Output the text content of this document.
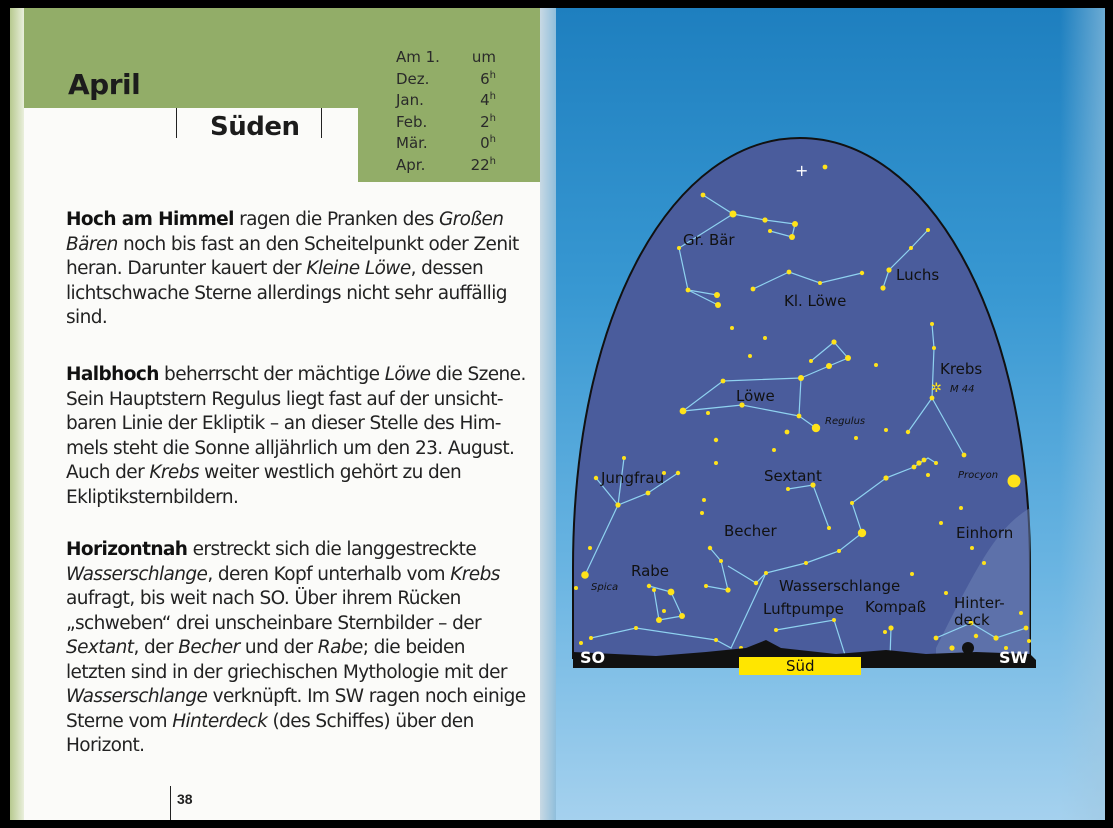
April
Süden
Am 1.	um
Dez.	6$^h$
Jan.	4$^h$
Feb.	2$^h$
Mär.	0$^h$
Apr.	22$^h$
Hoch am Himmel ragen die Pranken des Großen Bären noch bis fast an den Scheitelpunkt oder Zenit heran. Darunter kauert der Kleine Löwe, dessen lichtschwache Sterne allerdings nicht sehr auffällig sind.
Halbhoch beherrscht der mächtige Löwe die Szene. Sein Hauptstern Regulus liegt fast auf der unsicht-baren Linie der Ekliptik – an dieser Stelle des Him-mels steht die Sonne alljährlich um den 23. August. Auch der Krebs weiter westlich gehört zu den Ekliptiksternbildern.
Horizontnah erstreckt sich die langgestreckte Wasserschlange, deren Kopf unterhalb vom Krebs aufragt, bis weit nach SO. Über ihrem Rücken „schweben“ drei unscheinbare Sternbilder – der Sextant, der Becher und der Rabe; die beiden letzten sind in der griechischen Mythologie mit der Wasserschlange verknüpft. Im SW ragen noch einige Sterne vom Hinterdeck (des Schiffes) über den Horizont.
38
+
✲
Gr. Bär
Luchs
Kl. Löwe
Krebs
M 44
Löwe
Regulus
Jungfrau	Sextant	Procyon
Becher	Einhorn
Rabe
Spica	Wasserschlange
Luftpumpe Kompaß Hinter-
deck
SO	SW
Süd
